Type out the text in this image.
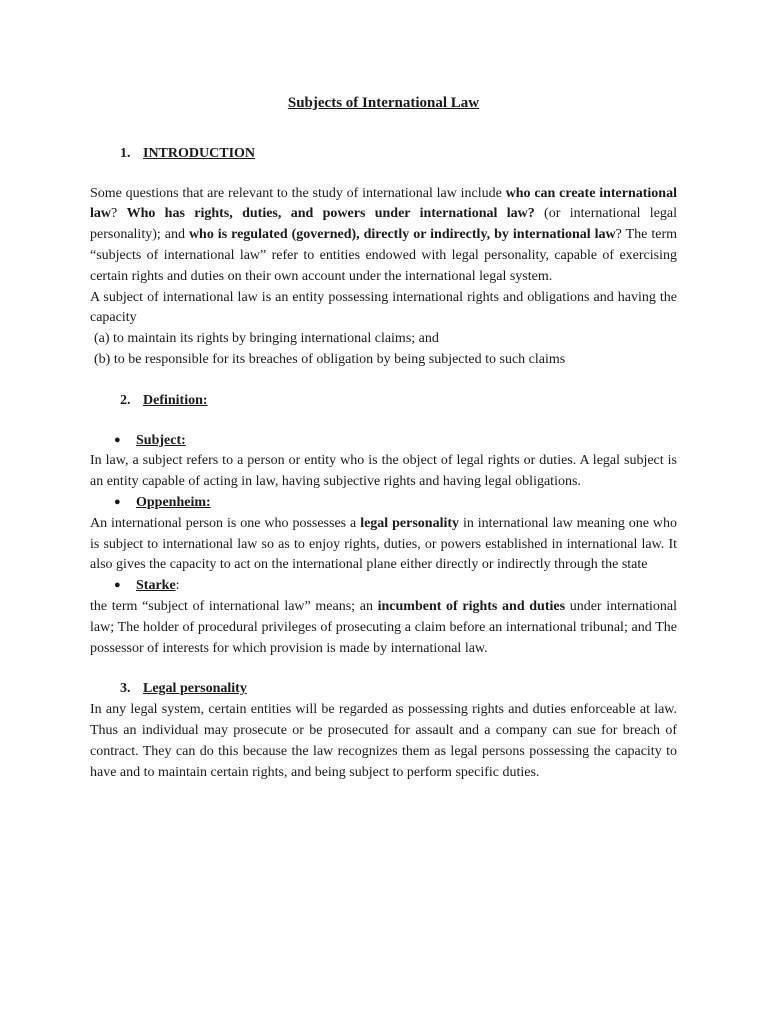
Subjects of International Law

1. INTRODUCTION

Some questions that are relevant to the study of international law include who can create international law? Who has rights, duties, and powers under international law? (or international legal personality); and who is regulated (governed), directly or indirectly, by international law? The term “subjects of international law” refer to entities endowed with legal personality, capable of exercising certain rights and duties on their own account under the international legal system.

A subject of international law is an entity possessing international rights and obligations and having the capacity

(a) to maintain its rights by bringing international claims; and

(b) to be responsible for its breaches of obligation by being subjected to such claims

2. Definition:

● Subject:

In law, a subject refers to a person or entity who is the object of legal rights or duties. A legal subject is an entity capable of acting in law, having subjective rights and having legal obligations.

● Oppenheim:

An international person is one who possesses a legal personality in international law meaning one who is subject to international law so as to enjoy rights, duties, or powers established in international law. It also gives the capacity to act on the international plane either directly or indirectly through the state

● Starke:

the term “subject of international law” means; an incumbent of rights and duties under international law; The holder of procedural privileges of prosecuting a claim before an international tribunal; and The possessor of interests for which provision is made by international law.

3. Legal personality

In any legal system, certain entities will be regarded as possessing rights and duties enforceable at law. Thus an individual may prosecute or be prosecuted for assault and a company can sue for breach of contract. They can do this because the law recognizes them as legal persons possessing the capacity to have and to maintain certain rights, and being subject to perform specific duties.
